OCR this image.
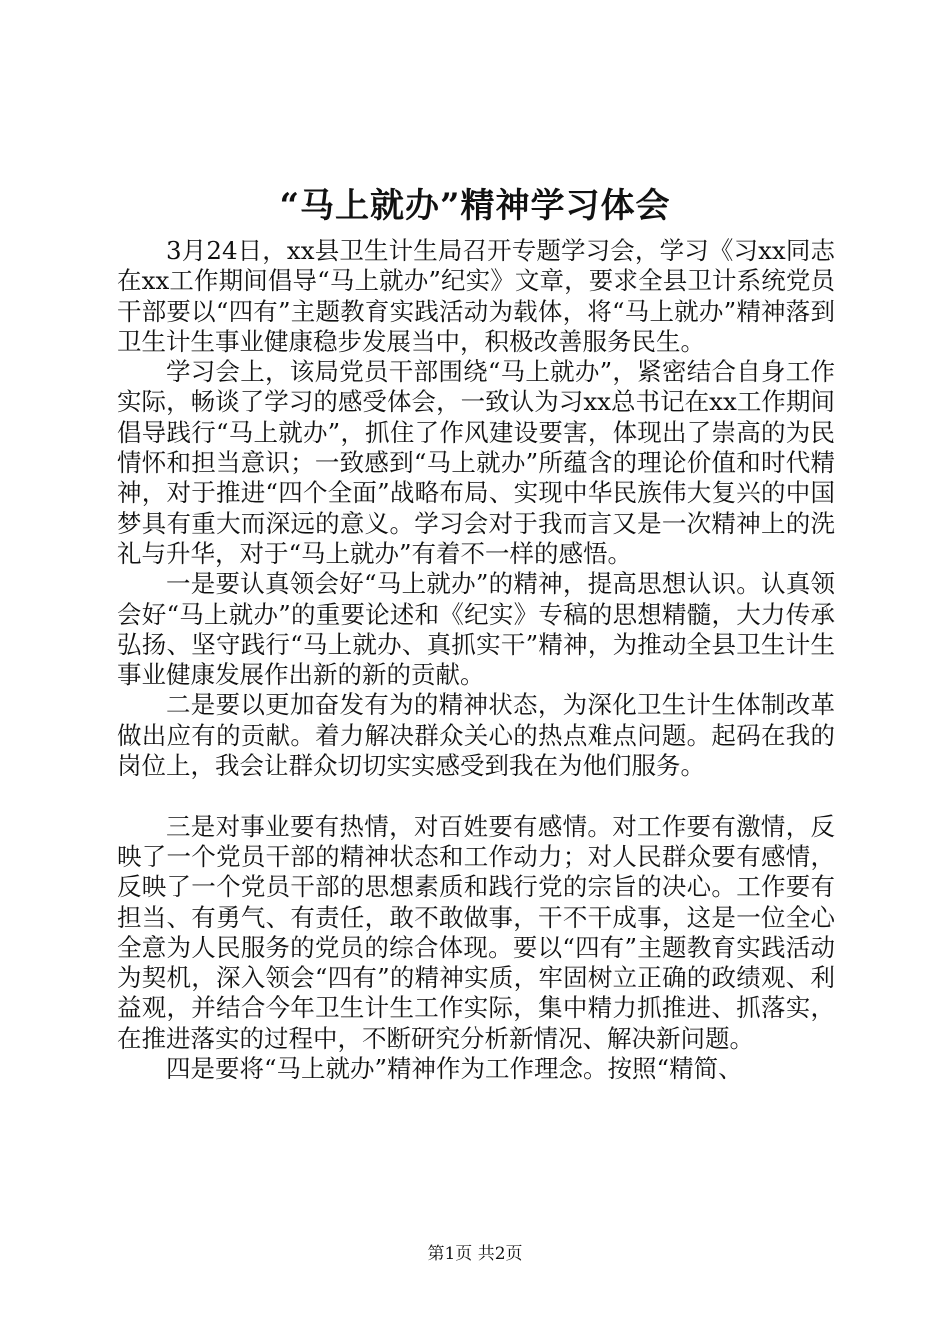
“马上就办”精神学习体会

3月24日，xx县卫生计生局召开专题学习会，学习《习xx同志在xx工作期间倡导“马上就办”纪实》文章，要求全县卫计系统党员干部要以“四有”主题教育实践活动为载体，将“马上就办”精神落到卫生计生事业健康稳步发展当中，积极改善服务民生。

学习会上，该局党员干部围绕“马上就办”，紧密结合自身工作实际，畅谈了学习的感受体会，一致认为习xx总书记在xx工作期间倡导践行“马上就办”，抓住了作风建设要害，体现出了崇高的为民情怀和担当意识；一致感到“马上就办”所蕴含的理论价值和时代精神，对于推进“四个全面”战略布局、实现中华民族伟大复兴的中国梦具有重大而深远的意义。学习会对于我而言又是一次精神上的洗礼与升华，对于“马上就办”有着不一样的感悟。

一是要认真领会好“马上就办”的精神，提高思想认识。认真领会好“马上就办”的重要论述和《纪实》专稿的思想精髓，大力传承弘扬、坚守践行“马上就办、真抓实干”精神，为推动全县卫生计生事业健康发展作出新的新的贡献。

二是要以更加奋发有为的精神状态，为深化卫生计生体制改革做出应有的贡献。着力解决群众关心的热点难点问题。起码在我的岗位上，我会让群众切切实实感受到我在为他们服务。

三是对事业要有热情，对百姓要有感情。对工作要有激情，反映了一个党员干部的精神状态和工作动力；对人民群众要有感情，反映了一个党员干部的思想素质和践行党的宗旨的决心。工作要有担当、有勇气、有责任，敢不敢做事，干不干成事，这是一位全心全意为人民服务的党员的综合体现。要以“四有”主题教育实践活动为契机，深入领会“四有”的精神实质，牢固树立正确的政绩观、利益观，并结合今年卫生计生工作实际，集中精力抓推进、抓落实，在推进落实的过程中，不断研究分析新情况、解决新问题。

四是要将“马上就办”精神作为工作理念。按照“精简、

第1页 共2页
